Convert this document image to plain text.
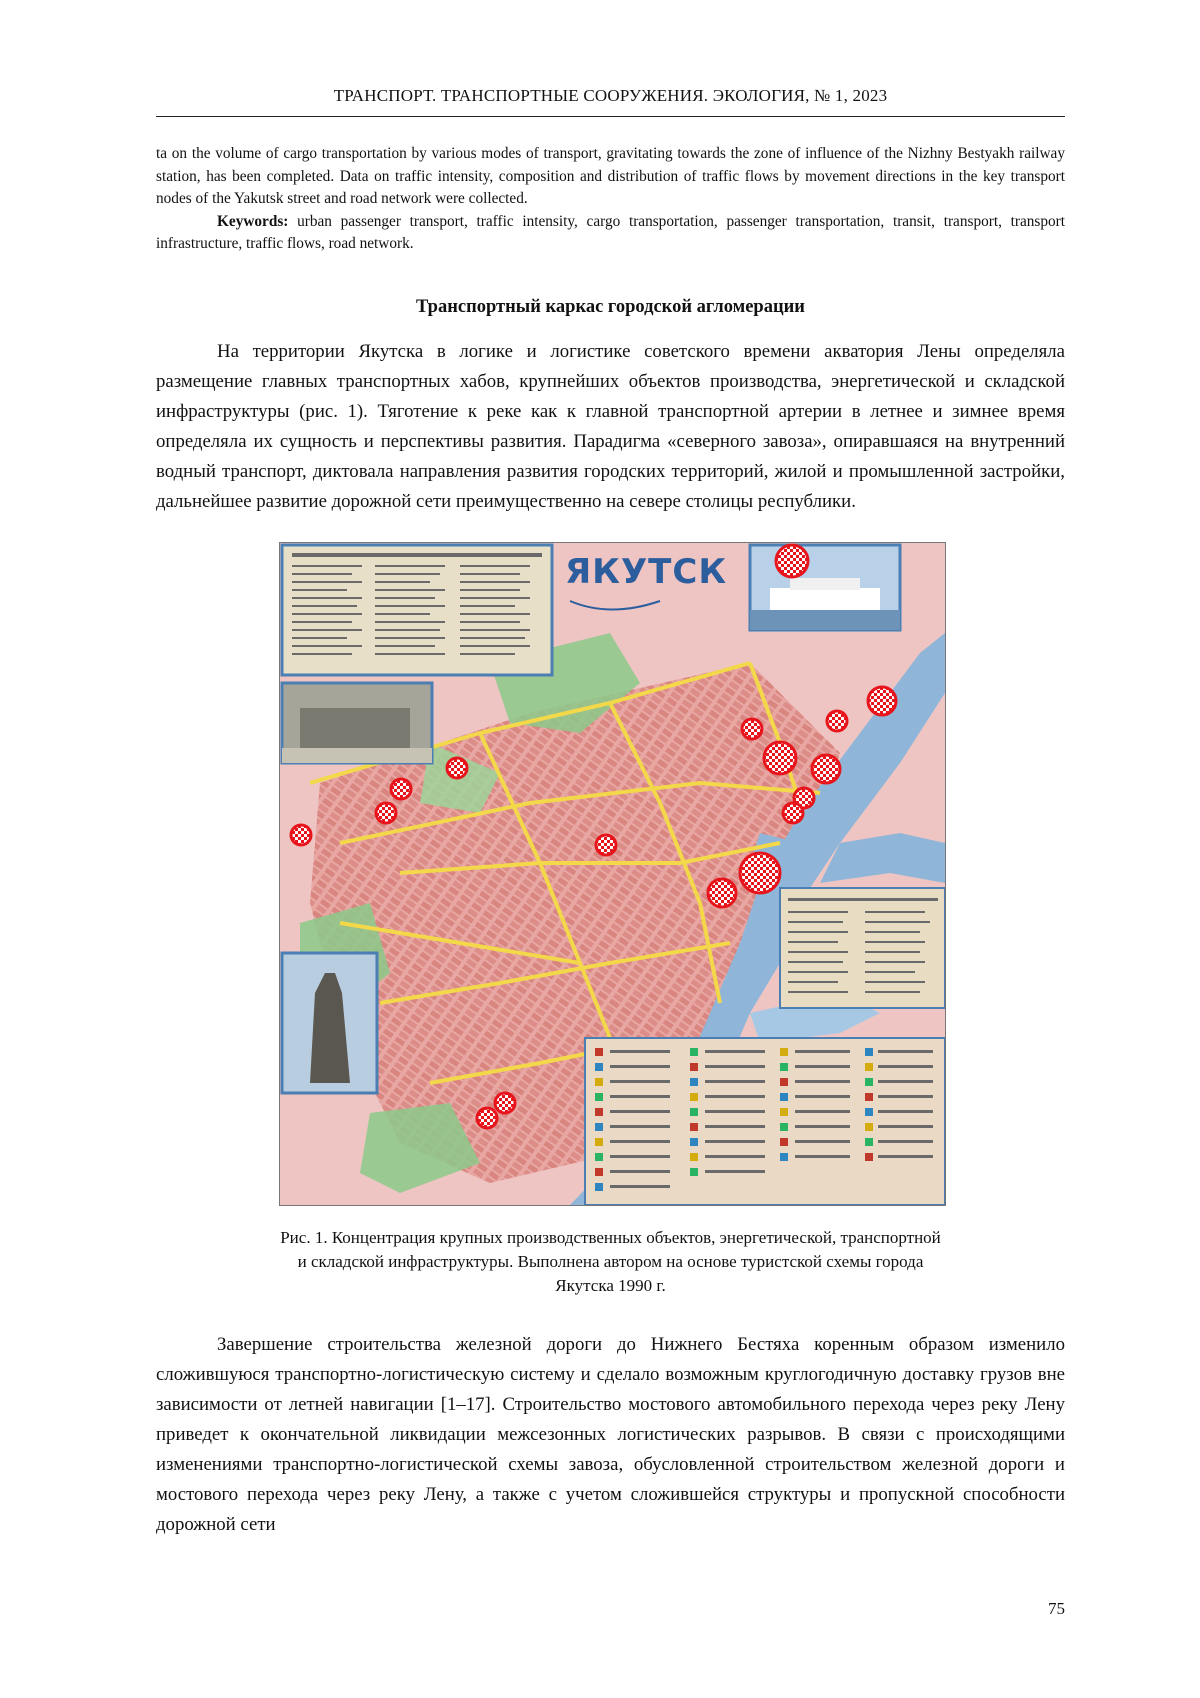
ТРАНСПОРТ. ТРАНСПОРТНЫЕ СООРУЖЕНИЯ. ЭКОЛОГИЯ, № 1, 2023

ta on the volume of cargo transportation by various modes of transport, gravitating towards the zone of influence of the Nizhny Bestyakh railway station, has been completed. Data on traffic intensity, composition and distribution of traffic flows by movement directions in the key transport nodes of the Yakutsk street and road network were collected.

Keywords: urban passenger transport, traffic intensity, cargo transportation, passenger transportation, transit, transport, transport infrastructure, traffic flows, road network.

Транспортный каркас городской агломерации

На территории Якутска в логике и логистике советского времени акватория Лены определяла размещение главных транспортных хабов, крупнейших объектов производства, энергетической и складской инфраструктуры (рис. 1). Тяготение к реке как к главной транспортной артерии в летнее и зимнее время определяла их сущность и перспективы развития. Парадигма «северного завоза», опиравшаяся на внутренний водный транспорт, диктовала направления развития городских территорий, жилой и промышленной застройки, дальнейшее развитие дорожной сети преимущественно на севере столицы республики.

ЯКУТСК
Рис. 1. Концентрация крупных производственных объектов, энергетической, транспортной
и складской инфраструктуры. Выполнена автором на основе туристской схемы города
Якутска 1990 г.

Завершение строительства железной дороги до Нижнего Бестяха коренным образом изменило сложившуюся транспортно-логистическую систему и сделало возможным круглогодичную доставку грузов вне зависимости от летней навигации [1–17]. Строительство мостового автомобильного перехода через реку Лену приведет к окончательной ликвидации межсезонных логистических разрывов. В связи с происходящими изменениями транспортно-логистической схемы завоза, обусловленной строительством железной дороги и мостового перехода через реку Лену, а также с учетом сложившейся структуры и пропускной способности дорожной сети

75
